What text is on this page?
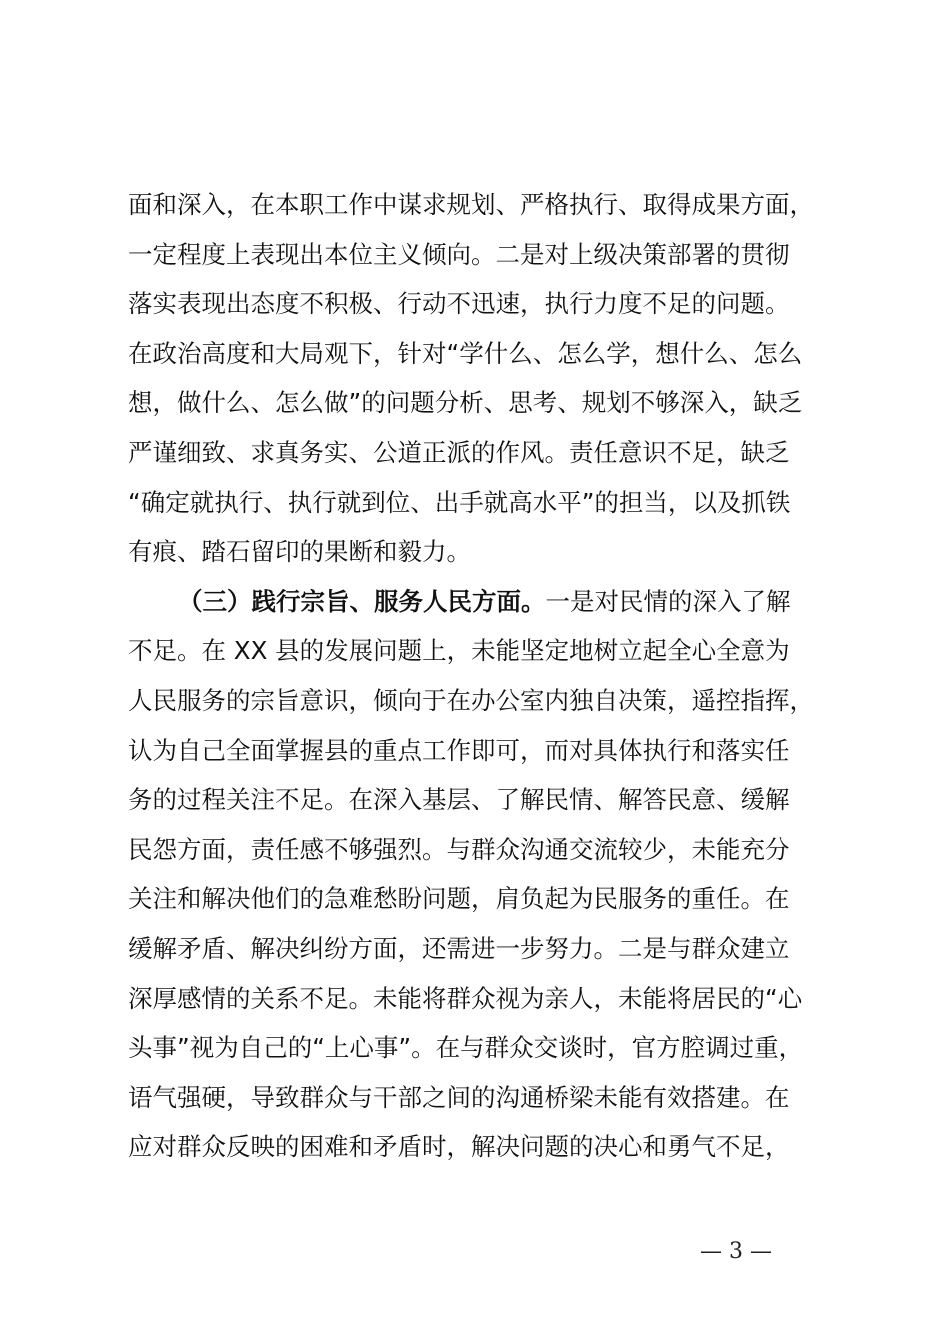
面和深入，在本职工作中谋求规划、严格执行、取得成果方面，
一定程度上表现出本位主义倾向。二是对上级决策部署的贯彻
落实表现出态度不积极、行动不迅速，执行力度不足的问题。
在政治高度和大局观下，针对“学什么、怎么学，想什么、怎么
想，做什么、怎么做”的问题分析、思考、规划不够深入，缺乏
严谨细致、求真务实、公道正派的作风。责任意识不足，缺乏
“确定就执行、执行就到位、出手就高水平”的担当，以及抓铁
有痕、踏石留印的果断和毅力。
（三）践行宗旨、服务人民方面。一是对民情的深入了解
不足。在 XX 县的发展问题上，未能坚定地树立起全心全意为
人民服务的宗旨意识，倾向于在办公室内独自决策，遥控指挥，
认为自己全面掌握县的重点工作即可，而对具体执行和落实任
务的过程关注不足。在深入基层、了解民情、解答民意、缓解
民怨方面，责任感不够强烈。与群众沟通交流较少，未能充分
关注和解决他们的急难愁盼问题，肩负起为民服务的重任。在
缓解矛盾、解决纠纷方面，还需进一步努力。二是与群众建立
深厚感情的关系不足。未能将群众视为亲人，未能将居民的“心
头事”视为自己的“上心事”。在与群众交谈时，官方腔调过重，
语气强硬，导致群众与干部之间的沟通桥梁未能有效搭建。在
应对群众反映的困难和矛盾时，解决问题的决心和勇气不足，
— 3 —
